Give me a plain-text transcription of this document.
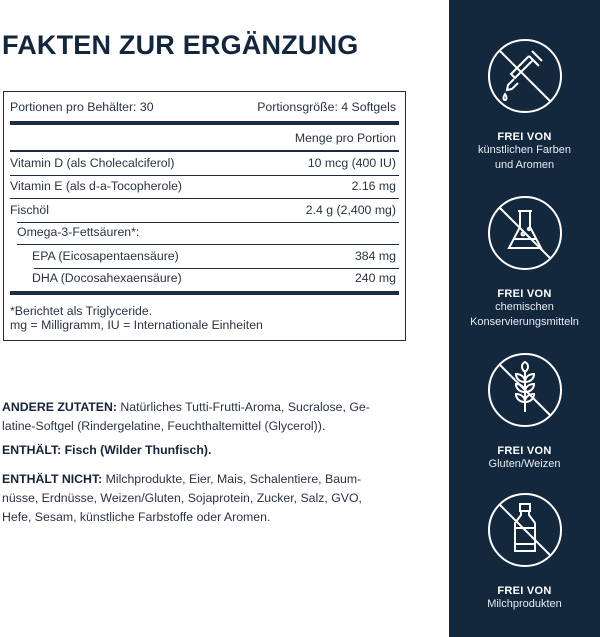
FAKTEN ZUR ERGÄNZUNG
Portionen pro Behälter: 30	Portionsgröße: 4 Softgels
Menge pro Portion
Vitamin D (als Cholecalciferol)	10 mcg (400 IU)
Vitamin E (als d-a-Tocopherole)	2.16 mg
Fischöl	2.4 g (2,400 mg)
Omega-3-Fettsäuren*:
EPA (Eicosapentaensäure)	384 mg
DHA (Docosahexaensäure)	240 mg
*Berichtet als Triglyceride.
mg = Milligramm, IU = Internationale Einheiten
ANDERE ZUTATEN: Natürliches Tutti-Frutti-Aroma, Sucralose, Ge-
latine-Softgel (Rindergelatine, Feuchthaltemittel (Glycerol)).
ENTHÄLT: Fisch (Wilder Thunfisch).
ENTHÄLT NICHT: Milchprodukte, Eier, Mais, Schalentiere, Baum-
nüsse, Erdnüsse, Weizen/Gluten, Sojaprotein, Zucker, Salz, GVO,
Hefe, Sesam, künstliche Farbstoffe oder Aromen.
FREI VON
künstlichen Farben
und Aromen
FREI VON
chemischen
Konservierungsmitteln
FREI VON
Gluten/Weizen
FREI VON
Milchprodukten
